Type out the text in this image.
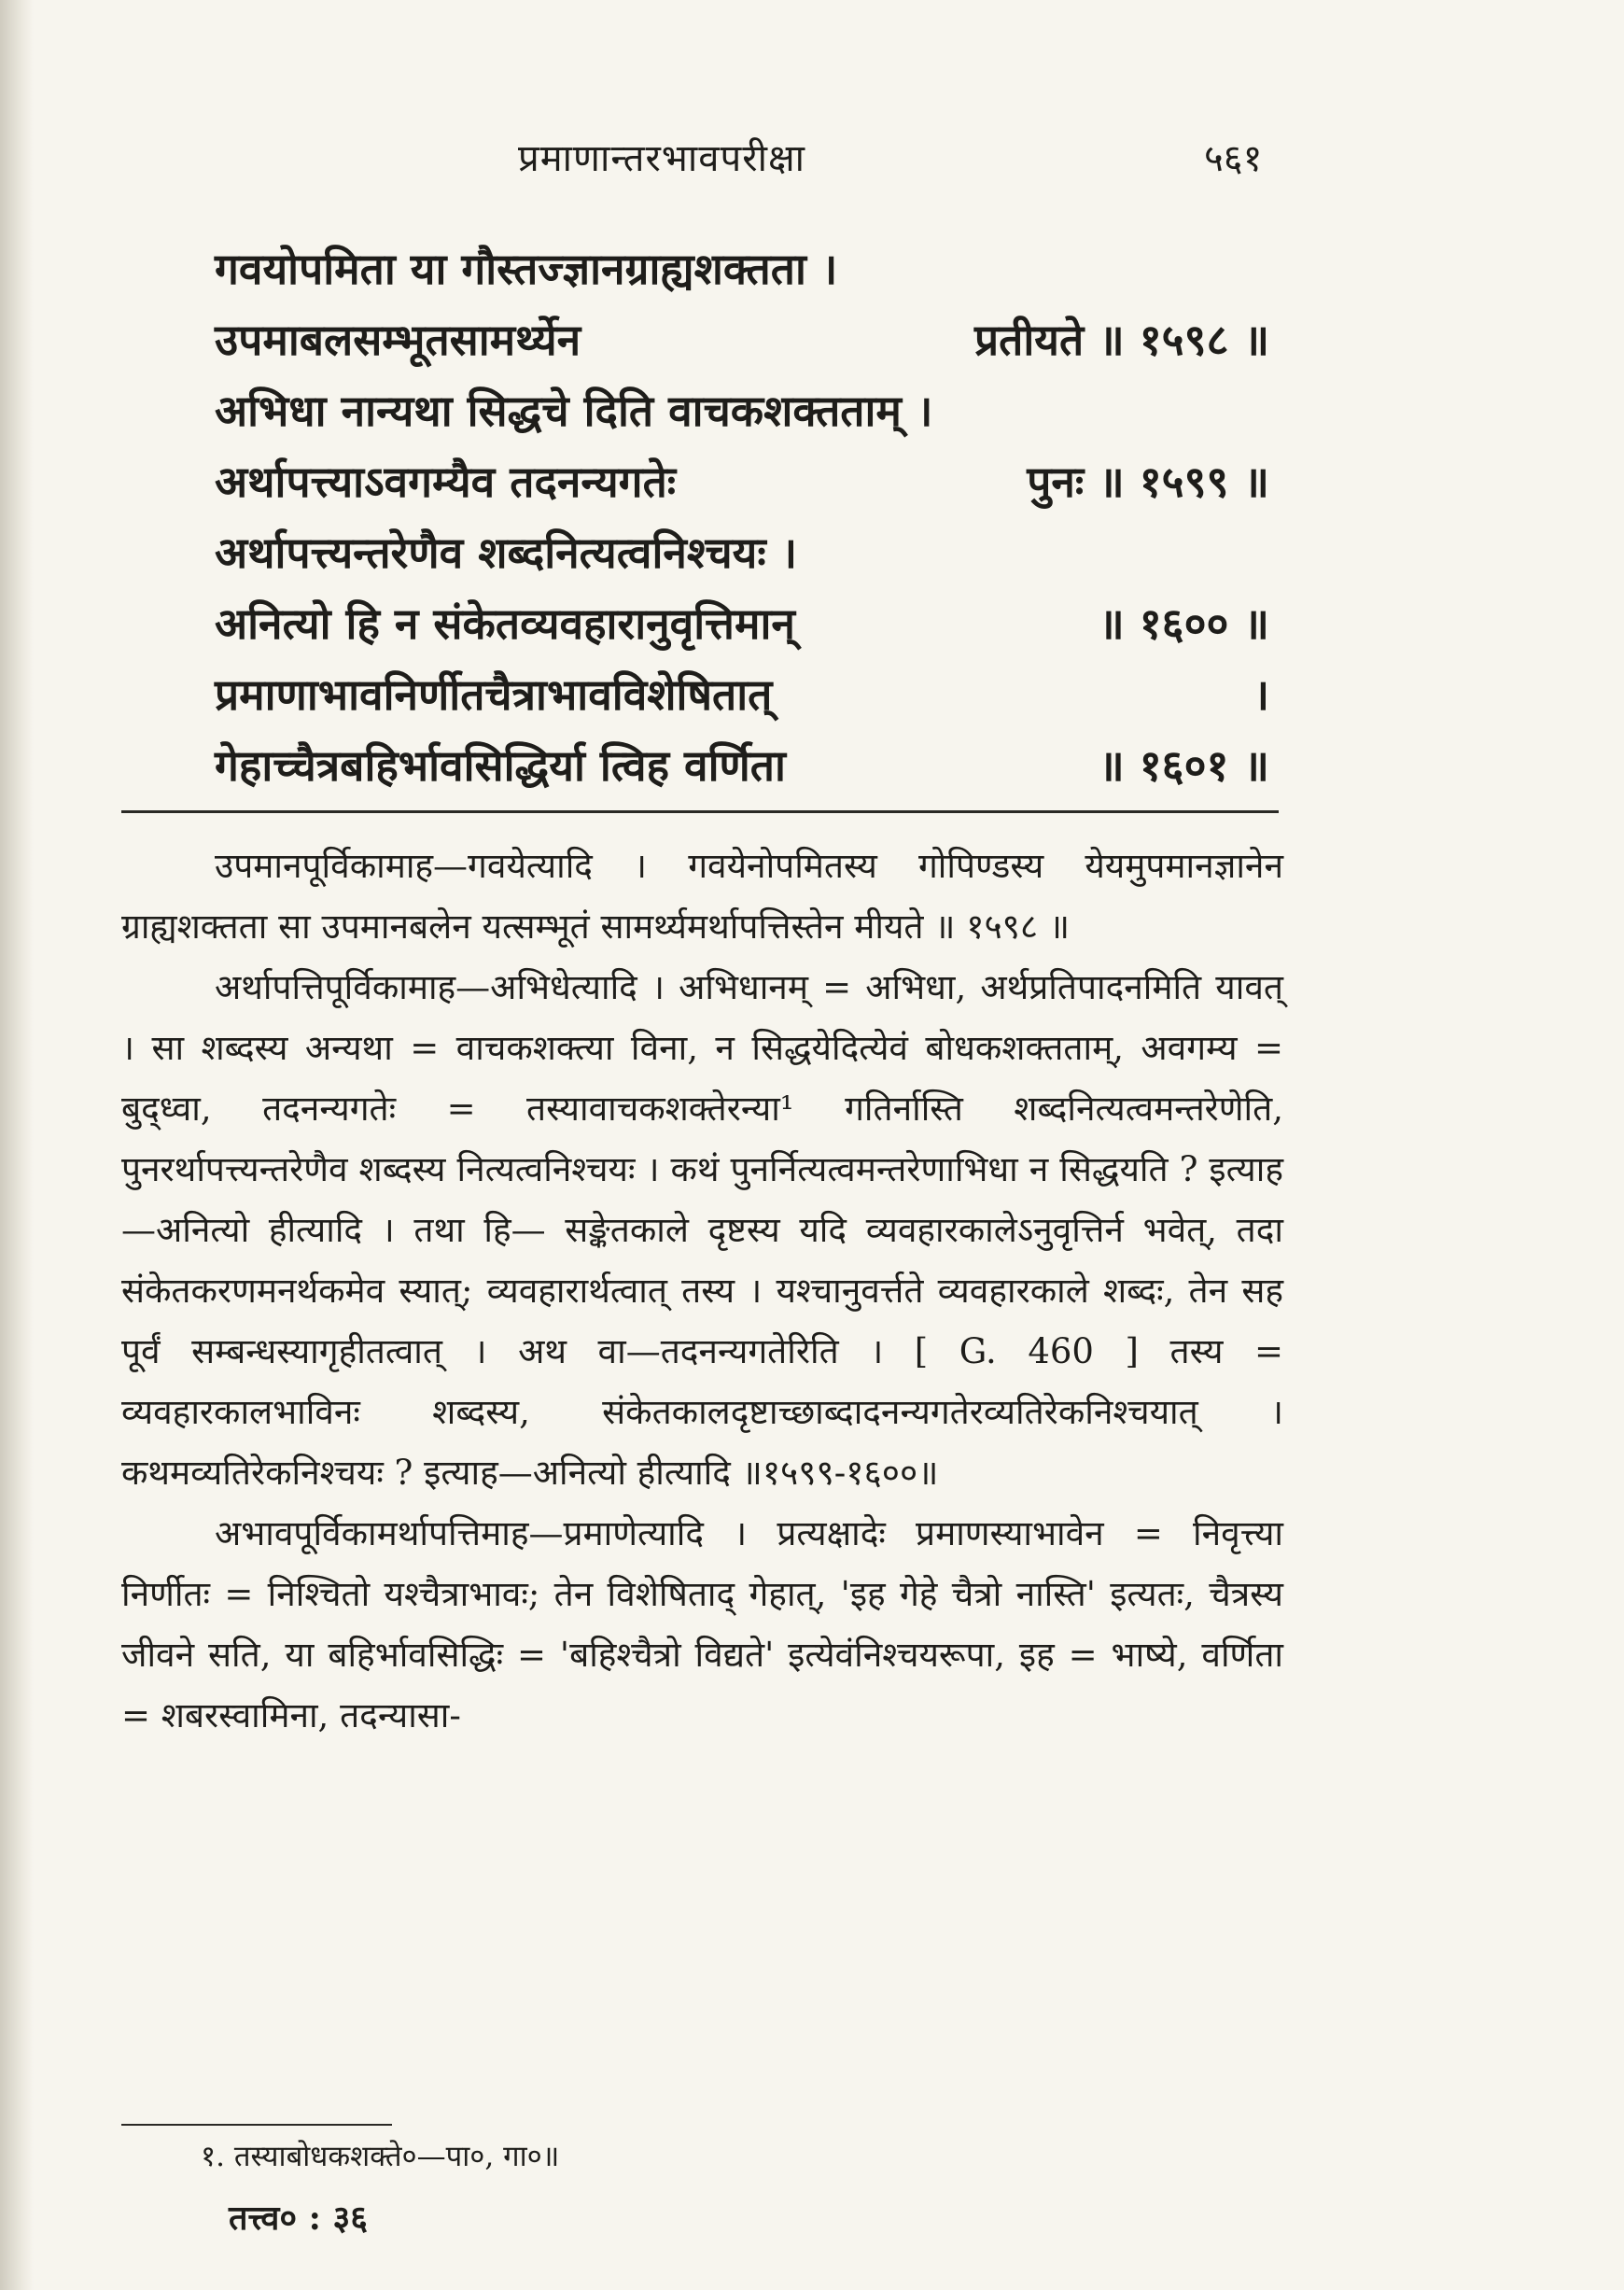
प्रमाणान्तरभावपरीक्षा	५६१
गवयोपमिता या गौस्तज्ज्ञानग्राह्यशक्तता ।
उपमाबलसम्भूतसामर्थ्येन	प्रतीयते ॥ १५९८ ॥
अभिधा नान्यथा सिद्धचे दिति वाचकशक्तताम् ।
अर्थापत्त्याऽवगम्यैव तदनन्यगतेः	पुनः ॥ १५९९ ॥
अर्थापत्त्यन्तरेणैव शब्दनित्यत्वनिश्चयः ।
अनित्यो हि न संकेतव्यवहारानुवृत्तिमान्	॥ १६०० ॥
प्रमाणाभावनिर्णीतचैत्राभावविशेषितात्	।
गेहाच्चैत्रबहिर्भावसिद्धिर्या त्विह वर्णिता	॥ १६०१ ॥

उपमानपूर्विकामाह—गवयेत्यादि । गवयेनोपमितस्य गोपिण्डस्य येयमुपमानज्ञानेन ग्राह्यशक्तता सा उपमानबलेन यत्सम्भूतं सामर्थ्यमर्थापत्तिस्तेन मीयते ॥ १५९८ ॥

अर्थापत्तिपूर्विकामाह—अभिधेत्यादि । अभिधानम् = अभिधा, अर्थप्रतिपादनमिति यावत् । सा शब्दस्य अन्यथा = वाचकशक्त्या विना, न सिद्धयेदित्येवं बोधकशक्तताम्, अवगम्य = बुद्ध्वा, तदनन्यगतेः = तस्यावाचकशक्तेरन्या¹ गतिर्नास्ति शब्दनित्यत्वमन्तरेणेति, पुनरर्थापत्त्यन्तरेणैव शब्दस्य नित्यत्वनिश्चयः । कथं पुनर्नित्यत्वमन्तरेणाभिधा न सिद्धयति ? इत्याह—अनित्यो हीत्यादि । तथा हि— सङ्केतकाले दृष्टस्य यदि व्यवहारकालेऽनुवृत्तिर्न भवेत्, तदा संकेतकरणमनर्थकमेव स्यात्; व्यवहारार्थत्वात् तस्य । यश्चानुवर्त्तते व्यवहारकाले शब्दः, तेन सह पूर्वं सम्बन्धस्यागृहीतत्वात् । अथ वा—तदनन्यगतेरिति । [ G. 460 ] तस्य = व्यवहारकालभाविनः शब्दस्य, संकेतकालदृष्टाच्छाब्दादनन्यगतेरव्यतिरेकनिश्चयात् । कथमव्यतिरेकनिश्चयः ? इत्याह—अनित्यो हीत्यादि ॥१५९९-१६००॥

अभावपूर्विकामर्थापत्तिमाह—प्रमाणेत्यादि । प्रत्यक्षादेः प्रमाणस्याभावेन = निवृत्त्या निर्णीतः = निश्चितो यश्चैत्राभावः; तेन विशेषिताद् गेहात्, 'इह गेहे चैत्रो नास्ति' इत्यतः, चैत्रस्य जीवने सति, या बहिर्भावसिद्धिः = 'बहिश्चैत्रो विद्यते' इत्येवंनिश्चयरूपा, इह = भाष्ये, वर्णिता = शबरस्वामिना, तदन्यासा-

१. तस्याबोधकशक्ते०—पा०, गा०॥
तत्त्व० : ३६
